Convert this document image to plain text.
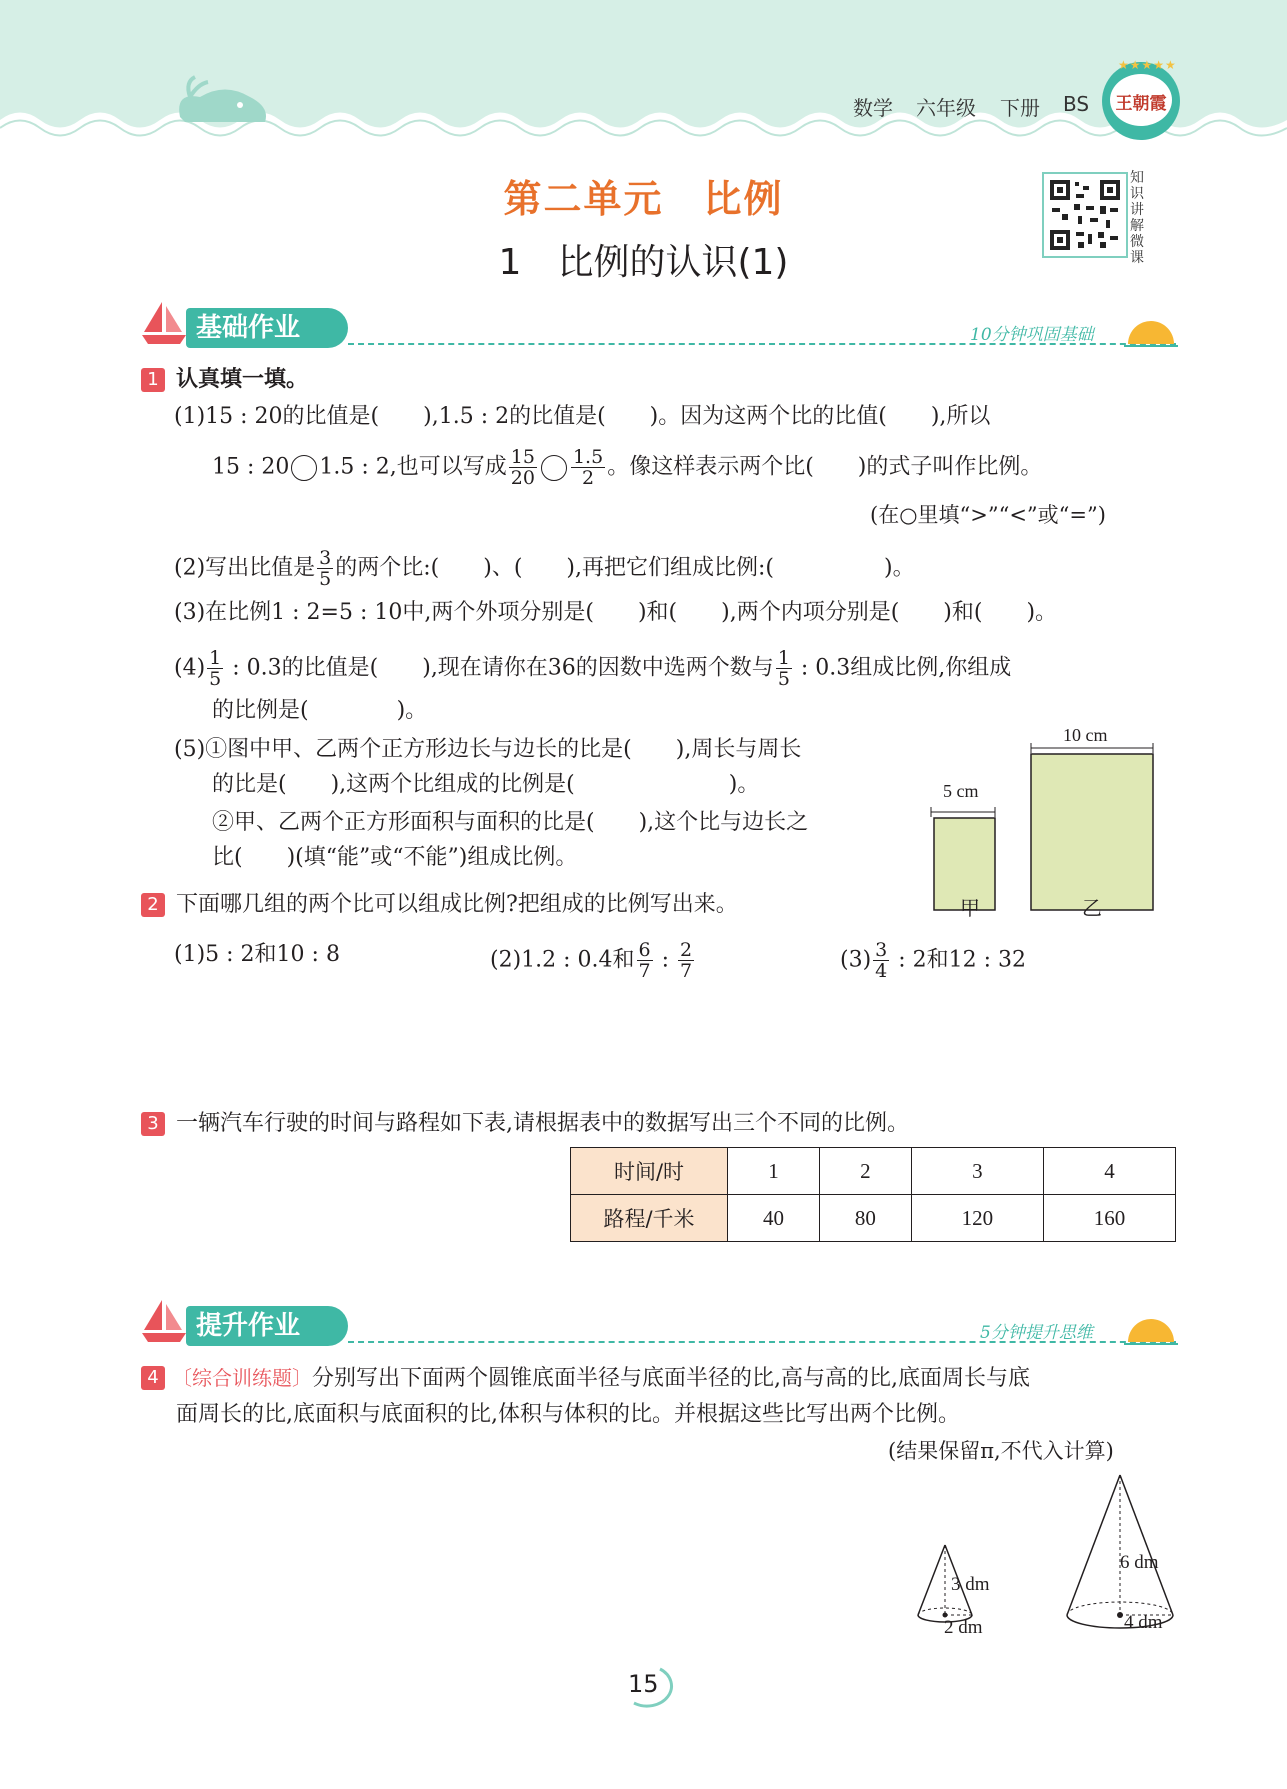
数学 六年级 下册 BS	王朝霞
★★★★★
第二单元　比例
1　比例的认识(1)
知识讲解微课
基础作业	10分钟巩固基础
1 认真填一填。
(1)15 : 20的比值是(　　),1.5 : 2的比值是(　　)。因为这两个比的比值(　　),所以
15 : 20 1.5 : 2,也可以写成 $\frac{15}{20} \frac{1.5}{2}$ 。像这样表示两个比(　　)的式子叫作比例。
(在○里填“>”“<”或“=”)
(2)写出比值是 $\frac{3}{5}$ 的两个比:(　　)、(　　),再把它们组成比例:(　　　　　)。
(3)在比例1 : 2=5 : 10中,两个外项分别是(　　)和(　　),两个内项分别是(　　)和(　　)。
$(4) \frac{1}{5}$ : 0.3的比值是(　　),现在请你在36的因数中选两个数与 $\frac{1}{5}$ : 0.3组成比例,你组成
的比例是(　　　　)。
(5)①图中甲、乙两个正方形边长与边长的比是(　　),周长与周长
的比是(　　),这两个比组成的比例是(　　　　　　　)。
②甲、乙两个正方形面积与面积的比是(　　),这个比与边长之
比(　　)(填“能”或“不能”)组成比例。
5 cm
10 cm
甲	乙
2 下面哪几组的两个比可以组成比例?把组成的比例写出来。
(1)5 : 2和10 : 8	(2)1.2 : 0.4和 $\frac{6}{7}$ : $\frac{2}{7}$	$(3) \frac{3}{4}$ : 2和12 : 32
3 一辆汽车行驶的时间与路程如下表,请根据表中的数据写出三个不同的比例。
时间/时	1	2	3	4
路程/千米	40	80	120	160
提升作业	5分钟提升思维
4 〔综合训练题〕分别写出下面两个圆锥底面半径与底面半径的比,高与高的比,底面周长与底
面周长的比,底面积与底面积的比,体积与体积的比。并根据这些比写出两个比例。
(结果保留π,不代入计算)
3 dm
2 dm
6 dm
4 dm
15
